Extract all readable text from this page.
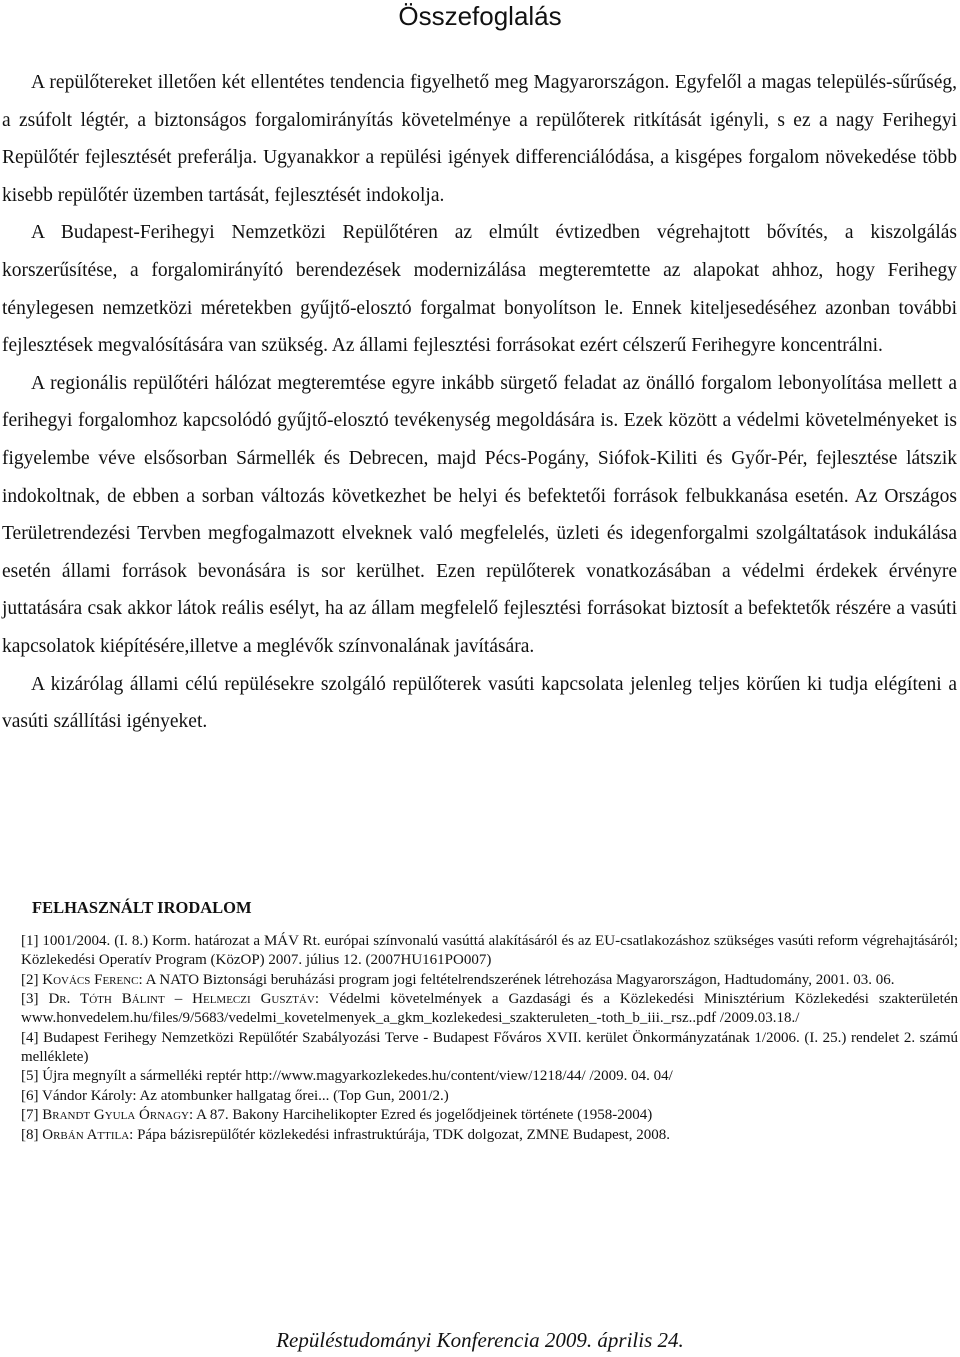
Összefoglalás

A repülőtereket illetően két ellentétes tendencia figyelhető meg Magyarországon. Egyfelől a magas település-sűrűség, a zsúfolt légtér, a biztonságos forgalomirányítás követelménye a repülőterek ritkítását igényli, s ez a nagy Ferihegyi Repülőtér fejlesztését preferálja. Ugyanakkor a repülési igények differenciálódása, a kisgépes forgalom növekedése több kisebb repülőtér üzemben tartását, fejlesztését indokolja.

A Budapest-Ferihegyi Nemzetközi Repülőtéren az elmúlt évtizedben végrehajtott bővítés, a kiszolgálás korszerűsítése, a forgalomirányító berendezések modernizálása megteremtette az alapokat ahhoz, hogy Ferihegy ténylegesen nemzetközi méretekben gyűjtő-elosztó forgalmat bonyolítson le. Ennek kiteljesedéséhez azonban további fejlesztések megvalósítására van szükség. Az állami fejlesztési forrásokat ezért célszerű Ferihegyre koncentrálni.

A regionális repülőtéri hálózat megteremtése egyre inkább sürgető feladat az önálló forgalom lebonyolítása mellett a ferihegyi forgalomhoz kapcsolódó gyűjtő-elosztó tevékenység megoldására is. Ezek között a védelmi követelményeket is figyelembe véve elsősorban Sármellék és Debrecen, majd Pécs-Pogány, Siófok-Kiliti és Győr-Pér, fejlesztése látszik indokoltnak, de ebben a sorban változás következhet be helyi és befektetői források felbukkanása esetén. Az Országos Területrendezési Tervben megfogalmazott elveknek való megfelelés, üzleti és idegenforgalmi szolgáltatások indukálása esetén állami források bevonására is sor kerülhet. Ezen repülőterek vonatkozásában a védelmi érdekek érvényre juttatására csak akkor látok reális esélyt, ha az állam megfelelő fejlesztési forrásokat biztosít a befektetők részére a vasúti kapcsolatok kiépítésére,illetve a meglévők színvonalának javítására.

A kizárólag állami célú repülésekre szolgáló repülőterek vasúti kapcsolata jelenleg teljes körűen ki tudja elégíteni a vasúti szállítási igényeket.

FELHASZNÁLT IRODALOM

[1] 1001/2004. (I. 8.) Korm. határozat a MÁV Rt. európai színvonalú vasúttá alakításáról és az EU-csatlakozáshoz szükséges vasúti reform végrehajtásáról; Közlekedési Operatív Program (KözOP) 2007. július 12. (2007HU161PO007)

[2] Kovács Ferenc: A NATO Biztonsági beruházási program jogi feltételrendszerének létrehozása Magyarországon, Hadtudomány, 2001. 03. 06.

[3] Dr. Tóth Bálint – Helmeczi Gusztáv: Védelmi követelmények a Gazdasági és a Közlekedési Minisztérium Közlekedési szakterületén www.honvedelem.hu/files/9/5683/vedelmi_kovetelmenyek_a_gkm_kozlekedesi_szakteruleten_-toth_b_iii._rsz..pdf /2009.03.18./

[4] Budapest Ferihegy Nemzetközi Repülőtér Szabályozási Terve - Budapest Főváros XVII. kerület Önkormányzatának 1/2006. (I. 25.) rendelet 2. számú melléklete)

[5] Újra megnyílt a sármelléki reptér http://www.magyarkozlekedes.hu/content/view/1218/44/ /2009. 04. 04/

[6] Vándor Károly: Az atombunker hallgatag őrei... (Top Gun, 2001/2.)

[7] Brandt Gyula Órnagy: A 87. Bakony Harcihelikopter Ezred és jogelődjeinek története (1958-2004)

[8] Orbán Attila: Pápa bázisrepülőtér közlekedési infrastruktúrája, TDK dolgozat, ZMNE Budapest, 2008.

Repüléstudományi Konferencia 2009. április 24.
